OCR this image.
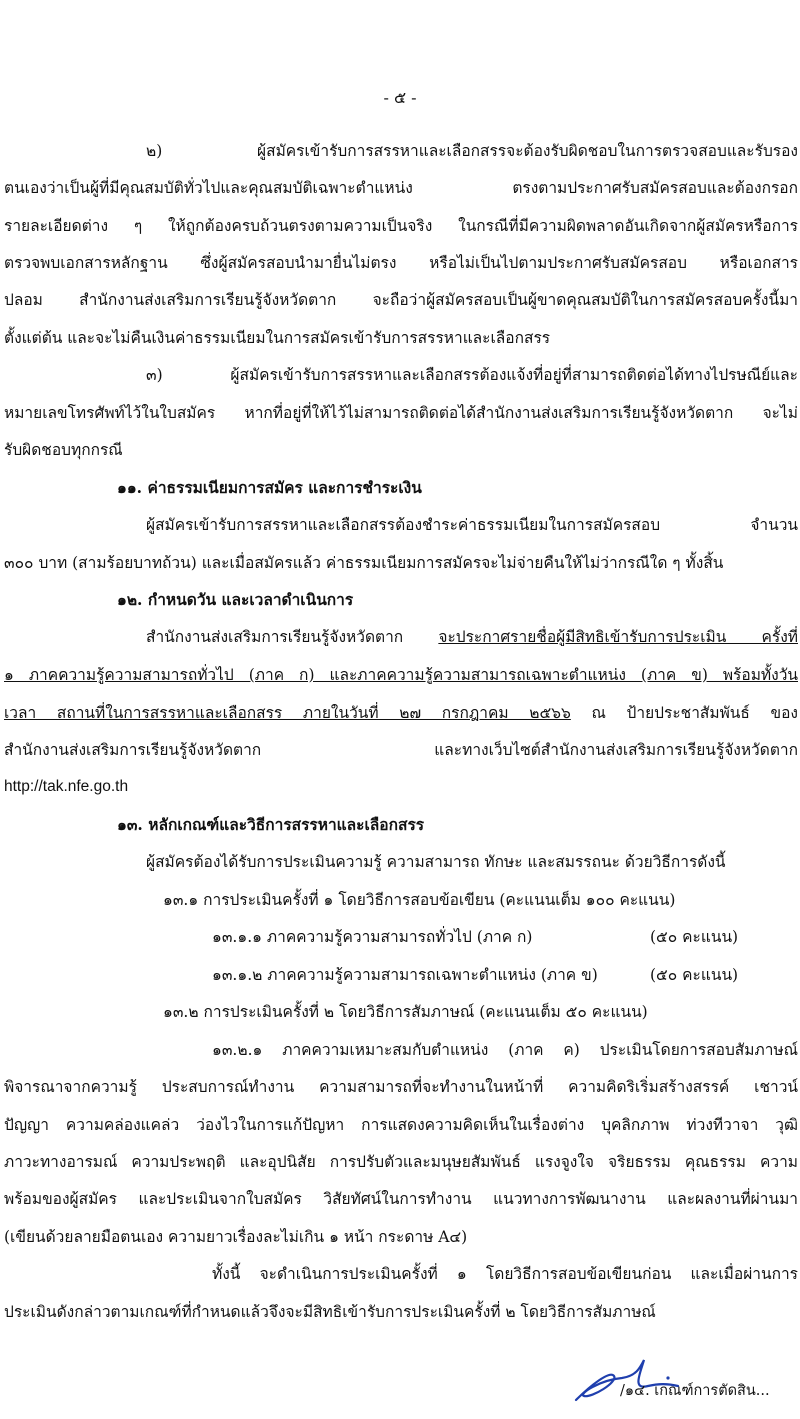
- ๕ -
๒) ผู้สมัครเข้ารับการสรรหาและเลือกสรรจะต้องรับผิดชอบในการตรวจสอบและรับรอง
ตนเองว่าเป็นผู้ที่มีคุณสมบัติทั่วไปและคุณสมบัติเฉพาะตำแหน่ง ตรงตามประกาศรับสมัครสอบและต้องกรอก
รายละเอียดต่าง ๆ ให้ถูกต้องครบถ้วนตรงตามความเป็นจริง ในกรณีที่มีความผิดพลาดอันเกิดจากผู้สมัครหรือการ
ตรวจพบเอกสารหลักฐาน ซึ่งผู้สมัครสอบนำมายื่นไม่ตรง หรือไม่เป็นไปตามประกาศรับสมัครสอบ หรือเอกสาร
ปลอม สำนักงานส่งเสริมการเรียนรู้จังหวัดตาก จะถือว่าผู้สมัครสอบเป็นผู้ขาดคุณสมบัติในการสมัครสอบครั้งนี้มา
ตั้งแต่ต้น และจะไม่คืนเงินค่าธรรมเนียมในการสมัครเข้ารับการสรรหาและเลือกสรร
๓) ผู้สมัครเข้ารับการสรรหาและเลือกสรรต้องแจ้งที่อยู่ที่สามารถติดต่อได้ทางไปรษณีย์และ
หมายเลขโทรศัพท์ไว้ในใบสมัคร หากที่อยู่ที่ให้ไว้ไม่สามารถติดต่อได้สำนักงานส่งเสริมการเรียนรู้จังหวัดตาก จะไม่
รับผิดชอบทุกกรณี
๑๑. ค่าธรรมเนียมการสมัคร และการชำระเงิน
ผู้สมัครเข้ารับการสรรหาและเลือกสรรต้องชำระค่าธรรมเนียมในการสมัครสอบ จำนวน
๓๐๐ บาท (สามร้อยบาทถ้วน) และเมื่อสมัครแล้ว ค่าธรรมเนียมการสมัครจะไม่จ่ายคืนให้ไม่ว่ากรณีใด ๆ ทั้งสิ้น
๑๒. กำหนดวัน และเวลาดำเนินการ
สำนักงานส่งเสริมการเรียนรู้จังหวัดตาก จะประกาศรายชื่อผู้มีสิทธิเข้ารับการประเมิน ครั้งที่
๑ ภาคความรู้ความสามารถทั่วไป (ภาค ก) และภาคความรู้ความสามารถเฉพาะตำแหน่ง (ภาค ข) พร้อมทั้งวัน
เวลา สถานที่ในการสรรหาและเลือกสรร ภายในวันที่ ๒๗ กรกฎาคม ๒๕๖๖ ณ ป้ายประชาสัมพันธ์ ของ
สำนักงานส่งเสริมการเรียนรู้จังหวัดตาก และทางเว็บไซต์สำนักงานส่งเสริมการเรียนรู้จังหวัดตาก
http://tak.nfe.go.th
๑๓. หลักเกณฑ์และวิธีการสรรหาและเลือกสรร
ผู้สมัครต้องได้รับการประเมินความรู้ ความสามารถ ทักษะ และสมรรถนะ ด้วยวิธีการดังนี้
๑๓.๑ การประเมินครั้งที่ ๑ โดยวิธีการสอบข้อเขียน (คะแนนเต็ม ๑๐๐ คะแนน)
๑๓.๑.๑ ภาคความรู้ความสามารถทั่วไป (ภาค ก)	(๕๐ คะแนน)
๑๓.๑.๒ ภาคความรู้ความสามารถเฉพาะตำแหน่ง (ภาค ข)	(๕๐ คะแนน)
๑๓.๒ การประเมินครั้งที่ ๒ โดยวิธีการสัมภาษณ์ (คะแนนเต็ม ๕๐ คะแนน)
๑๓.๒.๑ ภาคความเหมาะสมกับตำแหน่ง (ภาค ค) ประเมินโดยการสอบสัมภาษณ์
พิจารณาจากความรู้ ประสบการณ์ทำงาน ความสามารถที่จะทำงานในหน้าที่ ความคิดริเริ่มสร้างสรรค์ เชาวน์
ปัญญา ความคล่องแคล่ว ว่องไวในการแก้ปัญหา การแสดงความคิดเห็นในเรื่องต่าง บุคลิกภาพ ท่วงทีวาจา วุฒิ
ภาวะทางอารมณ์ ความประพฤติ และอุปนิสัย การปรับตัวและมนุษยสัมพันธ์ แรงจูงใจ จริยธรรม คุณธรรม ความ
พร้อมของผู้สมัคร และประเมินจากใบสมัคร วิสัยทัศน์ในการทำงาน แนวทางการพัฒนางาน และผลงานที่ผ่านมา
(เขียนด้วยลายมือตนเอง ความยาวเรื่องละไม่เกิน ๑ หน้า กระดาษ A๔)
ทั้งนี้ จะดำเนินการประเมินครั้งที่ ๑ โดยวิธีการสอบข้อเขียนก่อน และเมื่อผ่านการ
ประเมินดังกล่าวตามเกณฑ์ที่กำหนดแล้วจึงจะมีสิทธิเข้ารับการประเมินครั้งที่ ๒ โดยวิธีการสัมภาษณ์
/๑๔. เกณฑ์การตัดสิน...
